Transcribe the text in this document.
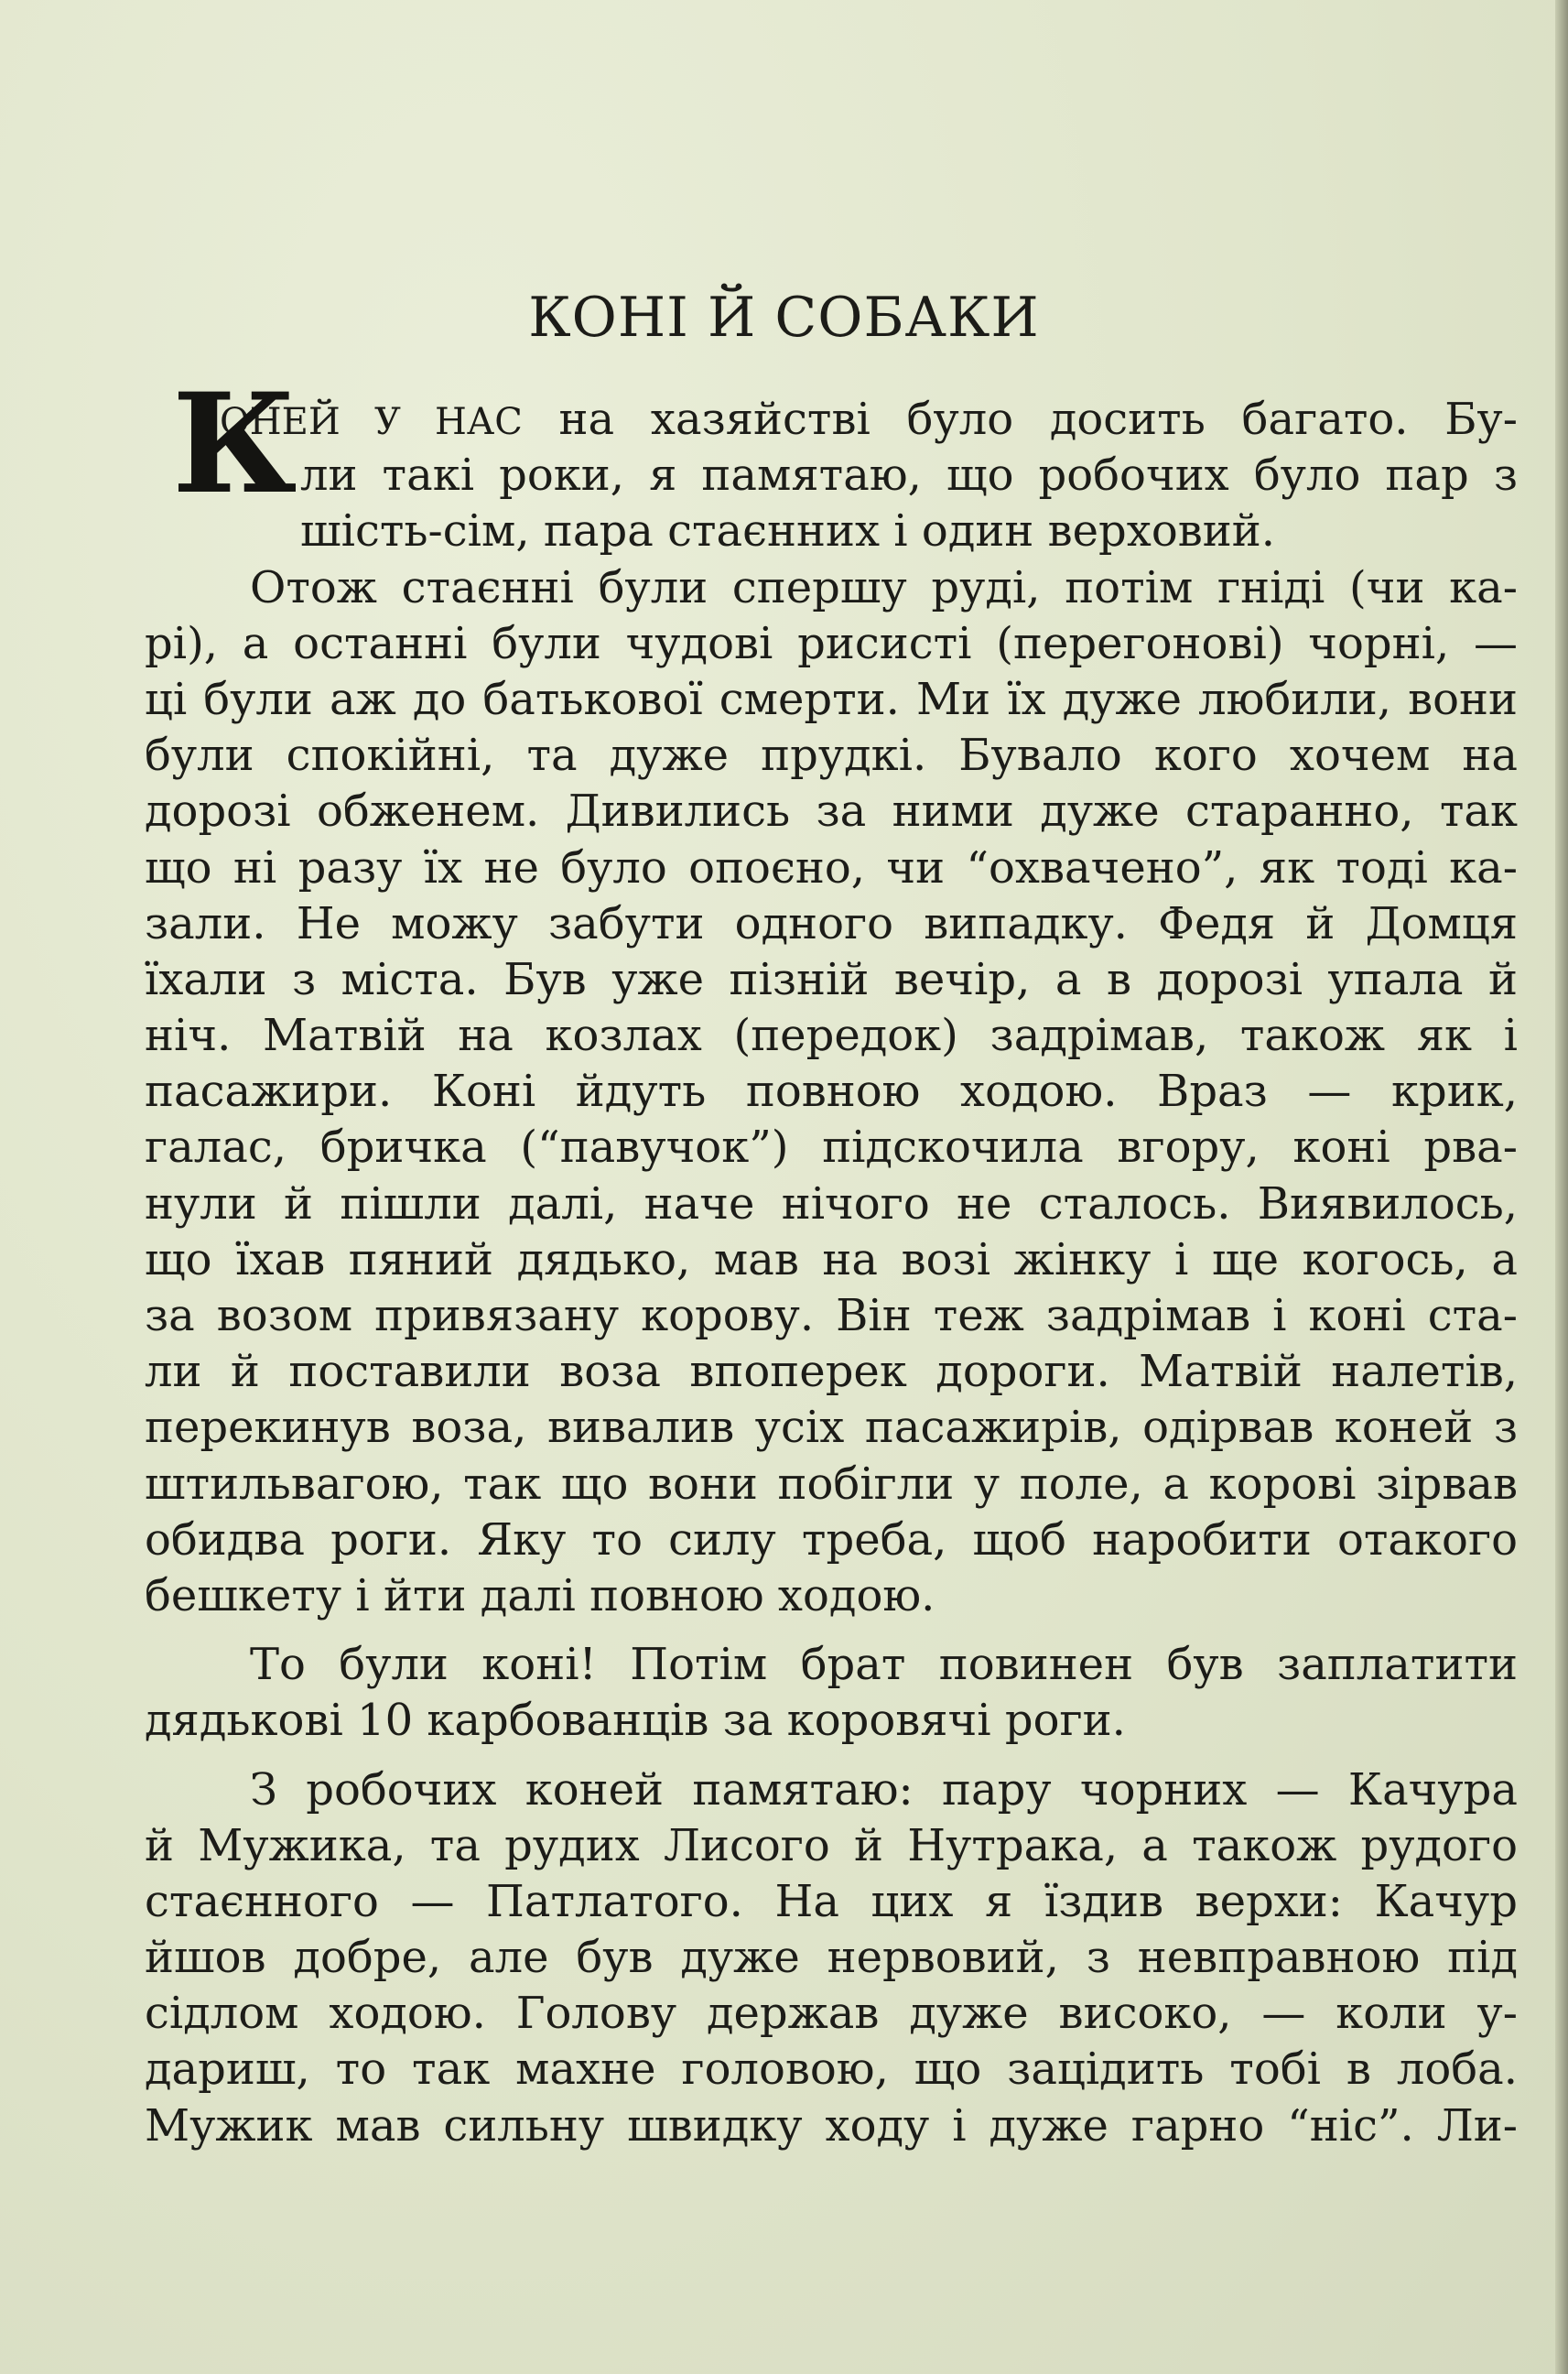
КОНІ Й СОБАКИ
К
ОНЕЙ У НАС на хазяйстві було досить багато. Бу-
ли такі роки, я памятаю, що робочих було пар з
шість-сім, пара стаєнних і один верховий.
Отож стаєнні були спершу руді, потім гніді (чи ка-
рі), а останні були чудові рисисті (перегонові) чорні, —
ці були аж до батькової смерти. Ми їх дуже любили, вони
були спокійні, та дуже прудкі. Бувало кого хочем на
дорозі обженем. Дивились за ними дуже старанно, так
що ні разу їх не було опоєно, чи “охвачено”, як тоді ка-
зали. Не можу забути одного випадку. Федя й Домця
їхали з міста. Був уже пізній вечір, а в дорозі упала й
ніч. Матвій на козлах (передок) задрімав, також як і
пасажири. Коні йдуть повною ходою. Враз — крик,
галас, бричка (“павучок”) підскочила вгору, коні рва-
нули й пішли далі, наче нічого не сталось. Виявилось,
що їхав пяний дядько, мав на возі жінку і ще когось, а
за возом привязану корову. Він теж задрімав і коні ста-
ли й поставили воза впоперек дороги. Матвій налетів,
перекинув воза, вивалив усіх пасажирів, одірвав коней з
штильвагою, так що вони побігли у поле, а корові зірвав
обидва роги. Яку то силу треба, щоб наробити отакого
бешкету і йти далі повною ходою.
То були коні! Потім брат повинен був заплатити
дядькові 10 карбованців за коровячі роги.
З робочих коней памятаю: пару чорних — Качура
й Мужика, та рудих Лисого й Нутрака, а також рудого
стаєнного — Патлатого. На цих я їздив верхи: Качур
йшов добре, але був дуже нервовий, з невправною під
сідлом ходою. Голову держав дуже високо, — коли у-
дариш, то так махне головою, що зацідить тобі в лоба.
Мужик мав сильну швидку ходу і дуже гарно “ніс”. Ли-
